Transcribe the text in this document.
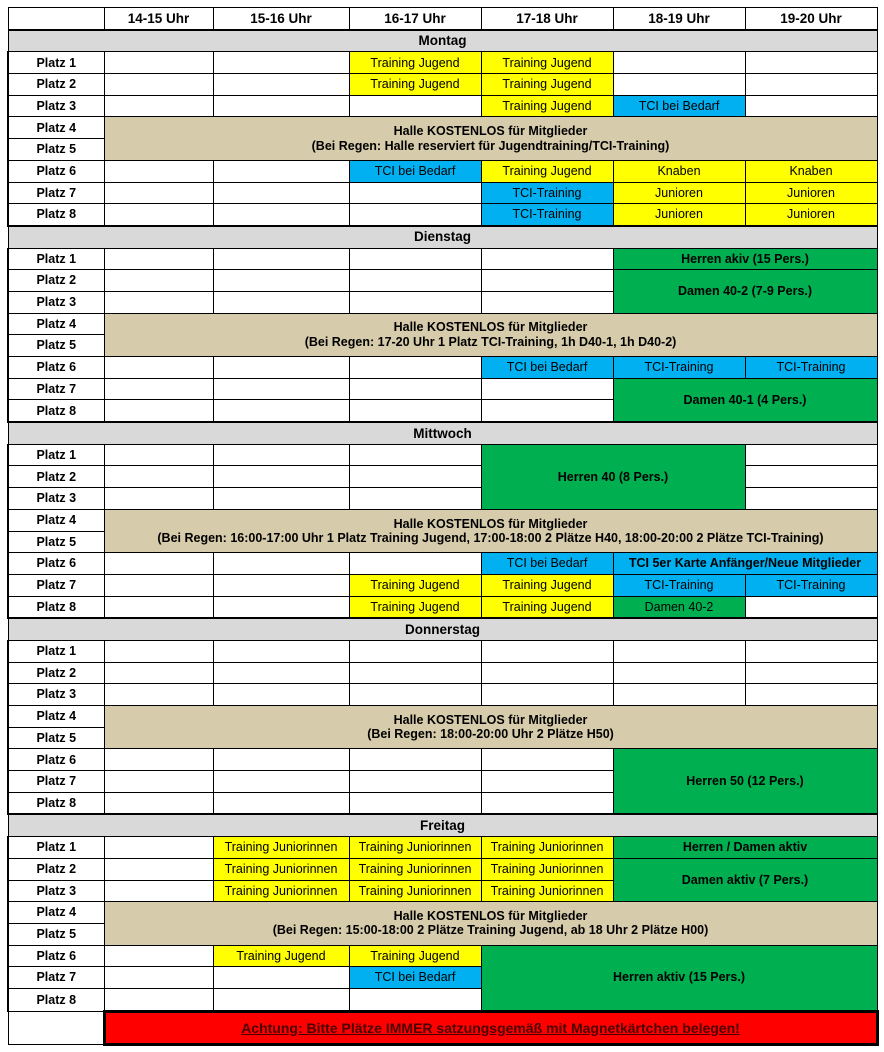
	14-15 Uhr	15-16 Uhr	16-17 Uhr	17-18 Uhr	18-19 Uhr	19-20 Uhr
Montag						
Platz 1			Training Jugend	Training Jugend		
Platz 2			Training Jugend	Training Jugend		
Platz 3				Training Jugend	TCI bei Bedarf	
Platz 4	Halle KOSTENLOS für Mitglieder
(Bei Regen: Halle reserviert für Jugendtraining/TCI-Training)					

Platz 5						
Platz 6			TCI bei Bedarf	Training Jugend	Knaben	Knaben
Platz 7				TCI-Training	Junioren	Junioren
Platz 8				TCI-Training	Junioren	Junioren
Dienstag						
Platz 1					Herren akiv (15 Pers.)	
Platz 2					Damen 40-2 (7-9 Pers.)	
Platz 3						
Platz 4	Halle KOSTENLOS für Mitglieder
(Bei Regen: 17-20 Uhr 1 Platz TCI-Training, 1h D40-1, 1h D40-2)					

Platz 5						
Platz 6				TCI bei Bedarf	TCI-Training	TCI-Training
Platz 7					Damen 40-1 (4 Pers.)	
Platz 8						
Mittwoch						
Platz 1				Herren 40 (8 Pers.)		
Platz 2						
Platz 3						
Platz 4	Halle KOSTENLOS für Mitglieder
(Bei Regen: 16:00-17:00 Uhr 1 Platz Training Jugend, 17:00-18:00 2 Plätze H40, 18:00-20:00 2 Plätze TCI-Training)					

Platz 5						
Platz 6				TCI bei Bedarf	TCI 5er Karte Anfänger/Neue Mitglieder	
Platz 7			Training Jugend	Training Jugend	TCI-Training	TCI-Training
Platz 8			Training Jugend	Training Jugend	Damen 40-2	
Donnerstag						
Platz 1						
Platz 2						
Platz 3						
Platz 4	Halle KOSTENLOS für Mitglieder
(Bei Regen: 18:00-20:00 Uhr 2 Plätze H50)					

Platz 5						
Platz 6					Herren 50 (12 Pers.)	
Platz 7						
Platz 8						
Freitag						
Platz 1		Training Juniorinnen	Training Juniorinnen	Training Juniorinnen	Herren / Damen aktiv	
Platz 2		Training Juniorinnen	Training Juniorinnen	Training Juniorinnen	Damen aktiv (7 Pers.)	
Platz 3		Training Juniorinnen	Training Juniorinnen	Training Juniorinnen		
Platz 4	Halle KOSTENLOS für Mitglieder
(Bei Regen: 15:00-18:00 2 Plätze Training Jugend, ab 18 Uhr 2 Plätze H00)					

Platz 5						
Platz 6		Training Jugend	Training Jugend	Herren aktiv (15 Pers.)		
Platz 7			TCI bei Bedarf			
Platz 8						
	Achtung: Bitte Plätze IMMER satzungsgemäß mit Magnetkärtchen belegen!					
